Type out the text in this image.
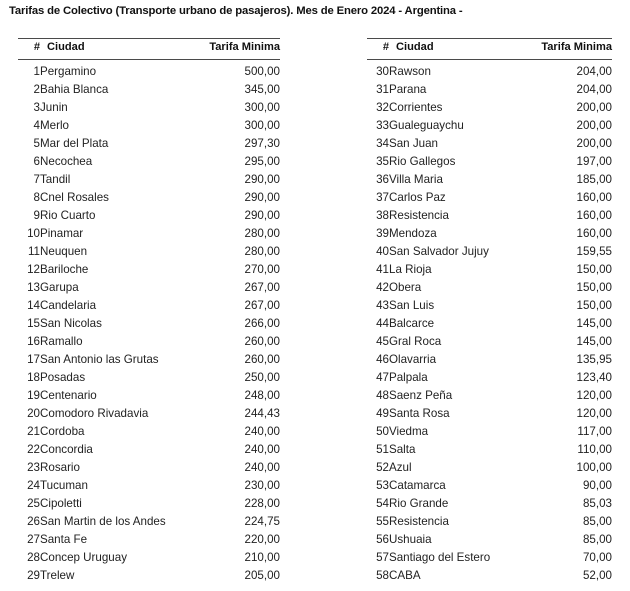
Tarifas de Colectivo (Transporte urbano de pasajeros). Mes de Enero 2024 - Argentina -
#	Ciudad	Tarifa Minima
1	Pergamino	500,00
2	Bahia Blanca	345,00
3	Junin	300,00
4	Merlo	300,00
5	Mar del Plata	297,30
6	Necochea	295,00
7	Tandil	290,00
8	Cnel Rosales	290,00
9	Rio Cuarto	290,00
10	Pinamar	280,00
11	Neuquen	280,00
12	Bariloche	270,00
13	Garupa	267,00
14	Candelaria	267,00
15	San Nicolas	266,00
16	Ramallo	260,00
17	San Antonio las Grutas	260,00
18	Posadas	250,00
19	Centenario	248,00
20	Comodoro Rivadavia	244,43
21	Cordoba	240,00
22	Concordia	240,00
23	Rosario	240,00
24	Tucuman	230,00
25	Cipoletti	228,00
26	San Martin de los Andes	224,75
27	Santa Fe	220,00
28	Concep Uruguay	210,00
29	Trelew	205,00
#	Ciudad	Tarifa Minima
30	Rawson	204,00
31	Parana	204,00
32	Corrientes	200,00
33	Gualeguaychu	200,00
34	San Juan	200,00
35	Rio Gallegos	197,00
36	Villa Maria	185,00
37	Carlos Paz	160,00
38	Resistencia	160,00
39	Mendoza	160,00
40	San Salvador Jujuy	159,55
41	La Rioja	150,00
42	Obera	150,00
43	San Luis	150,00
44	Balcarce	145,00
45	Gral Roca	145,00
46	Olavarria	135,95
47	Palpala	123,40
48	Saenz Peña	120,00
49	Santa Rosa	120,00
50	Viedma	117,00
51	Salta	110,00
52	Azul	100,00
53	Catamarca	90,00
54	Rio Grande	85,03
55	Resistencia	85,00
56	Ushuaia	85,00
57	Santiago del Estero	70,00
58	CABA	52,00
